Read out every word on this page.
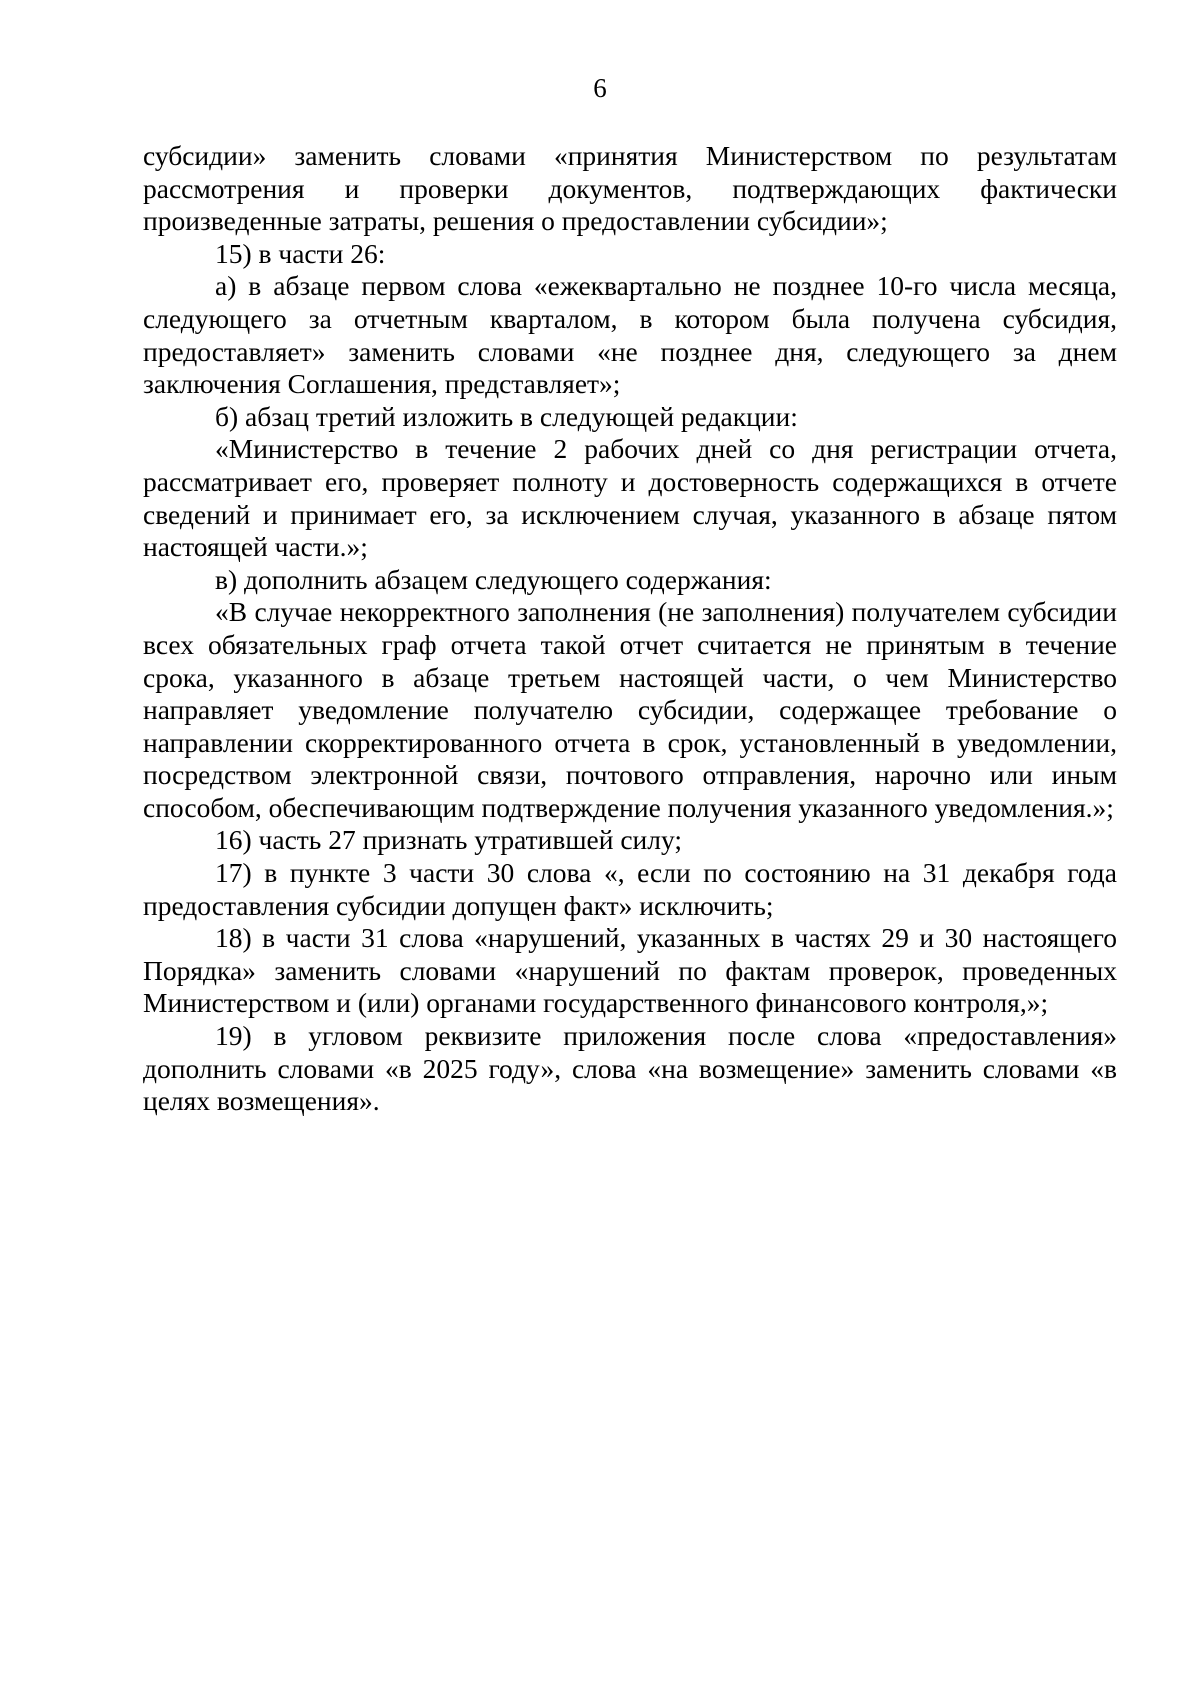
6

субсидии» заменить словами «принятия Министерством по результатам рассмотрения и проверки документов, подтверждающих фактически произведенные затраты, решения о предоставлении субсидии»;

15) в части 26:

а) в абзаце первом слова «ежеквартально не позднее 10-го числа месяца, следующего за отчетным кварталом, в котором была получена субсидия, предоставляет» заменить словами «не позднее дня, следующего за днем заключения Соглашения, представляет»;

б) абзац третий изложить в следующей редакции:

«Министерство в течение 2 рабочих дней со дня регистрации отчета, рассматривает его, проверяет полноту и достоверность содержащихся в отчете сведений и принимает его, за исключением случая, указанного в абзаце пятом настоящей части.»;

в) дополнить абзацем следующего содержания:

«В случае некорректного заполнения (не заполнения) получателем субсидии всех обязательных граф отчета такой отчет считается не принятым в течение срока, указанного в абзаце третьем настоящей части, о чем Министерство направляет уведомление получателю субсидии, содержащее требование о направлении скорректированного отчета в срок, установленный в уведомлении, посредством электронной связи, почтового отправления, нарочно или иным способом, обеспечивающим подтверждение получения указанного уведомления.»;

16) часть 27 признать утратившей силу;

17) в пункте 3 части 30 слова «, если по состоянию на 31 декабря года предоставления субсидии допущен факт» исключить;

18) в части 31 слова «нарушений, указанных в частях 29 и 30 настоящего Порядка» заменить словами «нарушений по фактам проверок, проведенных Министерством и (или) органами государственного финансового контроля,»;

19) в угловом реквизите приложения после слова «предоставления» дополнить словами «в 2025 году», слова «на возмещение» заменить словами «в целях возмещения».
